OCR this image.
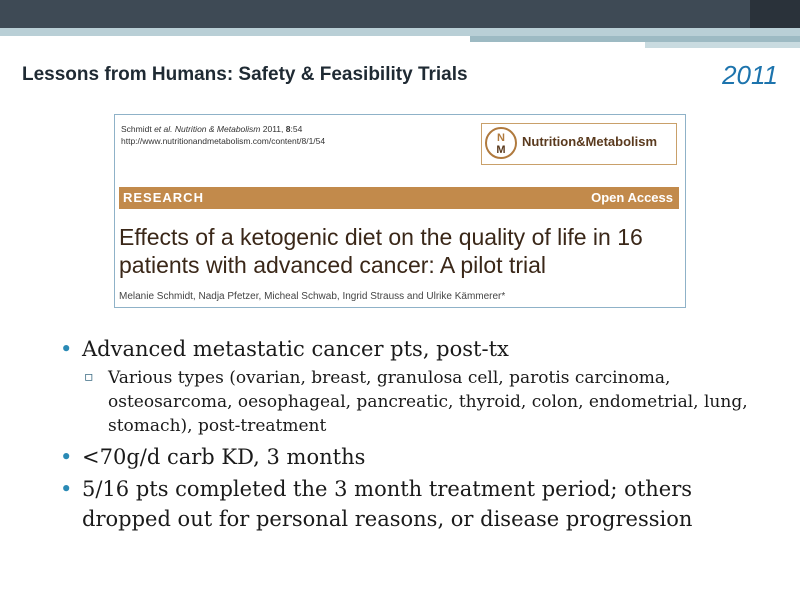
Lessons from Humans: Safety & Feasibility Trials	2011
Schmidt et al. Nutrition & Metabolism 2011, 8:54
http://www.nutritionandmetabolism.com/content/8/1/54	N
M
Nutrition&Metabolism
RESEARCH	Open Access
Effects of a ketogenic diet on the quality of life in 16 patients with advanced cancer: A pilot trial
Melanie Schmidt, Nadja Pfetzer, Micheal Schwab, Ingrid Strauss and Ulrike Kämmerer*
• Advanced metastatic cancer pts, post-tx
▫ Various types (ovarian, breast, granulosa cell, parotis carcinoma, osteosarcoma, oesophageal, pancreatic, thyroid, colon, endometrial, lung, stomach), post-treatment
• <70g/d carb KD, 3 months
• 5/16 pts completed the 3 month treatment period; others dropped out for personal reasons, or disease progression
